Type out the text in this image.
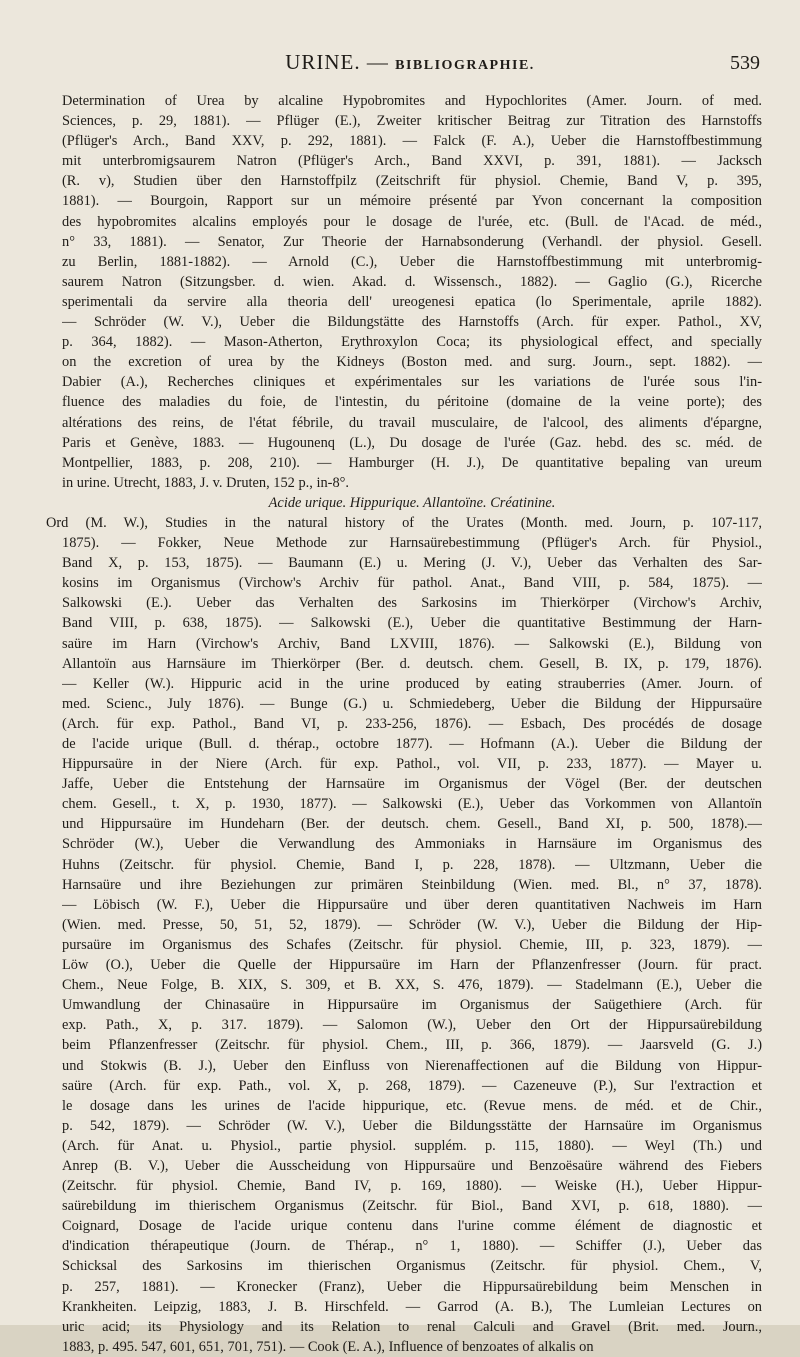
URINE. — BIBLIOGRAPHIE.	539
Determination of Urea by alcaline Hypobromites and Hypochlorites (Amer. Journ. of med.
Sciences, p. 29, 1881). — Pflüger (E.), Zweiter kritischer Beitrag zur Titration des Harnstoffs
(Pflüger's Arch., Band XXV, p. 292, 1881). — Falck (F. A.), Ueber die Harnstoffbestimmung
mit unterbromigsaurem Natron (Pflüger's Arch., Band XXVI, p. 391, 1881). — Jacksch
(R. v), Studien über den Harnstoffpilz (Zeitschrift für physiol. Chemie, Band V, p. 395,
1881). — Bourgoin, Rapport sur un mémoire présenté par Yvon concernant la composition
des hypobromites alcalins employés pour le dosage de l'urée, etc. (Bull. de l'Acad. de méd.,
n° 33, 1881). — Senator, Zur Theorie der Harnabsonderung (Verhandl. der physiol. Gesell.
zu Berlin, 1881-1882). — Arnold (C.), Ueber die Harnstoffbestimmung mit unterbromig-
saurem Natron (Sitzungsber. d. wien. Akad. d. Wissensch., 1882). — Gaglio (G.), Ricerche
sperimentali da servire alla theoria dell' ureogenesi epatica (lo Sperimentale, aprile 1882).
— Schröder (W. V.), Ueber die Bildungstätte des Harnstoffs (Arch. für exper. Pathol., XV,
p. 364, 1882). — Mason-Atherton, Erythroxylon Coca; its physiological effect, and specially
on the excretion of urea by the Kidneys (Boston med. and surg. Journ., sept. 1882). —
Dabier (A.), Recherches cliniques et expérimentales sur les variations de l'urée sous l'in-
fluence des maladies du foie, de l'intestin, du péritoine (domaine de la veine porte); des
altérations des reins, de l'état fébrile, du travail musculaire, de l'alcool, des aliments d'épargne,
Paris et Genève, 1883. — Hugounenq (L.), Du dosage de l'urée (Gaz. hebd. des sc. méd. de
Montpellier, 1883, p. 208, 210). — Hamburger (H. J.), De quantitative bepaling van ureum
in urine. Utrecht, 1883, J. v. Druten, 152 p., in-8°.
Acide urique. Hippurique. Allantoïne. Créatinine.
Ord (M. W.), Studies in the natural history of the Urates (Month. med. Journ, p. 107-117,
1875). — Fokker, Neue Methode zur Harnsaürebestimmung (Pflüger's Arch. für Physiol.,
Band X, p. 153, 1875). — Baumann (E.) u. Mering (J. V.), Ueber das Verhalten des Sar-
kosins im Organismus (Virchow's Archiv für pathol. Anat., Band VIII, p. 584, 1875). —
Salkowski (E.). Ueber das Verhalten des Sarkosins im Thierkörper (Virchow's Archiv,
Band VIII, p. 638, 1875). — Salkowski (E.), Ueber die quantitative Bestimmung der Harn-
saüre im Harn (Virchow's Archiv, Band LXVIII, 1876). — Salkowski (E.), Bildung von
Allantoïn aus Harnsäure im Thierkörper (Ber. d. deutsch. chem. Gesell, B. IX, p. 179, 1876).
— Keller (W.). Hippuric acid in the urine produced by eating strauberries (Amer. Journ. of
med. Scienc., July 1876). — Bunge (G.) u. Schmiedeberg, Ueber die Bildung der Hippursaüre
(Arch. für exp. Pathol., Band VI, p. 233-256, 1876). — Esbach, Des procédés de dosage
de l'acide urique (Bull. d. thérap., octobre 1877). — Hofmann (A.). Ueber die Bildung der
Hippursaüre in der Niere (Arch. für exp. Pathol., vol. VII, p. 233, 1877). — Mayer u.
Jaffe, Ueber die Entstehung der Harnsaüre im Organismus der Vögel (Ber. der deutschen
chem. Gesell., t. X, p. 1930, 1877). — Salkowski (E.), Ueber das Vorkommen von Allantoïn
und Hippursaüre im Hundeharn (Ber. der deutsch. chem. Gesell., Band XI, p. 500, 1878).—
Schröder (W.), Ueber die Verwandlung des Ammoniaks in Harnsäure im Organismus des
Huhns (Zeitschr. für physiol. Chemie, Band I, p. 228, 1878). — Ultzmann, Ueber die
Harnsaüre und ihre Beziehungen zur primären Steinbildung (Wien. med. Bl., n° 37, 1878).
— Löbisch (W. F.), Ueber die Hippursaüre und über deren quantitativen Nachweis im Harn
(Wien. med. Presse, 50, 51, 52, 1879). — Schröder (W. V.), Ueber die Bildung der Hip-
pursaüre im Organismus des Schafes (Zeitschr. für physiol. Chemie, III, p. 323, 1879). —
Löw (O.), Ueber die Quelle der Hippursaüre im Harn der Pflanzenfresser (Journ. für pract.
Chem., Neue Folge, B. XIX, S. 309, et B. XX, S. 476, 1879). — Stadelmann (E.), Ueber die
Umwandlung der Chinasaüre in Hippursaüre im Organismus der Saügethiere (Arch. für
exp. Path., X, p. 317. 1879). — Salomon (W.), Ueber den Ort der Hippursaürebildung
beim Pflanzenfresser (Zeitschr. für physiol. Chem., III, p. 366, 1879). — Jaarsveld (G. J.)
und Stokwis (B. J.), Ueber den Einfluss von Nierenaffectionen auf die Bildung von Hippur-
saüre (Arch. für exp. Path., vol. X, p. 268, 1879). — Cazeneuve (P.), Sur l'extraction et
le dosage dans les urines de l'acide hippurique, etc. (Revue mens. de méd. et de Chir.,
p. 542, 1879). — Schröder (W. V.), Ueber die Bildungsstätte der Harnsaüre im Organismus
(Arch. für Anat. u. Physiol., partie physiol. supplém. p. 115, 1880). — Weyl (Th.) und
Anrep (B. V.), Ueber die Ausscheidung von Hippursaüre und Benzoësaüre während des Fiebers
(Zeitschr. für physiol. Chemie, Band IV, p. 169, 1880). — Weiske (H.), Ueber Hippur-
saürebildung im thierischem Organismus (Zeitschr. für Biol., Band XVI, p. 618, 1880). —
Coignard, Dosage de l'acide urique contenu dans l'urine comme élément de diagnostic et
d'indication thérapeutique (Journ. de Thérap., n° 1, 1880). — Schiffer (J.), Ueber das
Schicksal des Sarkosins im thierischen Organismus (Zeitschr. für physiol. Chem., V,
p. 257, 1881). — Kronecker (Franz), Ueber die Hippursaürebildung beim Menschen in
Krankheiten. Leipzig, 1883, J. B. Hirschfeld. — Garrod (A. B.), The Lumleian Lectures on
uric acid; its Physiology and its Relation to renal Calculi and Gravel (Brit. med. Journ.,
1883, p. 495. 547, 601, 651, 701, 751). — Cook (E. A.), Influence of benzoates of alkalis on
